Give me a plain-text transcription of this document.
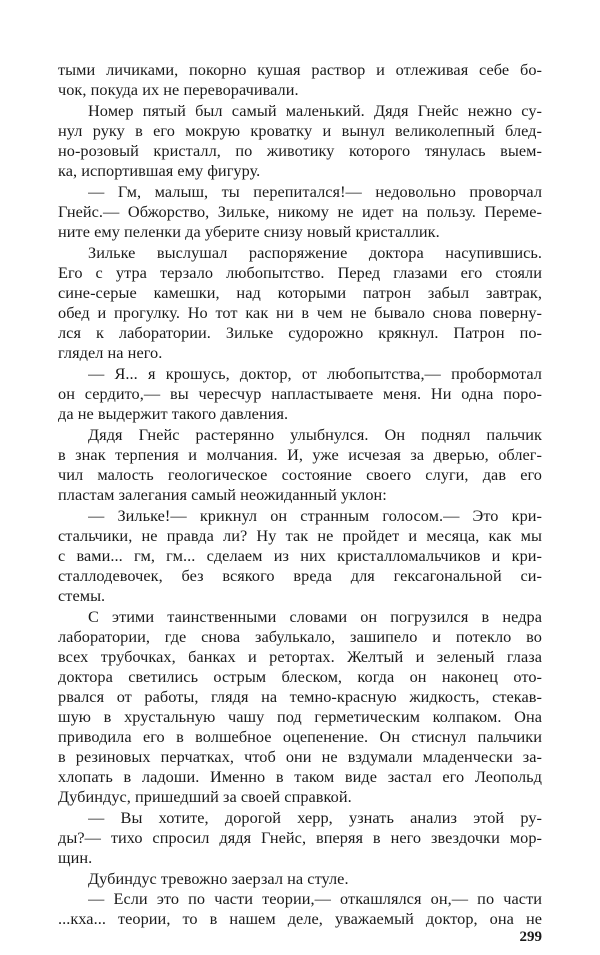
тыми личиками, покорно кушая раствор и отлеживая себе бо-
чок, покуда их не переворачивали.
Номер пятый был самый маленький. Дядя Гнейс нежно су-
нул руку в его мокрую кроватку и вынул великолепный блед-
но-розовый кристалл, по животику которого тянулась выем-
ка, испортившая ему фигуру.
— Гм, малыш, ты перепитался!— недовольно проворчал
Гнейс.— Обжорство, Зильке, никому не идет на пользу. Переме-
ните ему пеленки да уберите снизу новый кристаллик.
Зильке выслушал распоряжение доктора насупившись.
Его с утра терзало любопытство. Перед глазами его стояли
сине-серые камешки, над которыми патрон забыл завтрак,
обед и прогулку. Но тот как ни в чем не бывало снова поверну-
лся к лаборатории. Зильке судорожно крякнул. Патрон по-
глядел на него.
— Я... я крошусь, доктор, от любопытства,— пробормотал
он сердито,— вы чересчур напластываете меня. Ни одна поро-
да не выдержит такого давления.
Дядя Гнейс растерянно улыбнулся. Он поднял пальчик
в знак терпения и молчания. И, уже исчезая за дверью, облег-
чил малость геологическое состояние своего слуги, дав его
пластам залегания самый неожиданный уклон:
— Зильке!— крикнул он странным голосом.— Это кри-
стальчики, не правда ли? Ну так не пройдет и месяца, как мы
с вами... гм, гм... сделаем из них кристалломальчиков и кри-
сталлодевочек, без всякого вреда для гексагональной си-
стемы.
С этими таинственными словами он погрузился в недра
лаборатории, где снова забулькало, зашипело и потекло во
всех трубочках, банках и ретортах. Желтый и зеленый глаза
доктора светились острым блеском, когда он наконец ото-
рвался от работы, глядя на темно-красную жидкость, стекав-
шую в хрустальную чашу под герметическим колпаком. Она
приводила его в волшебное оцепенение. Он стиснул пальчики
в резиновых перчатках, чтоб они не вздумали младенчески за-
хлопать в ладоши. Именно в таком виде застал его Леопольд
Дубиндус, пришедший за своей справкой.
— Вы хотите, дорогой херр, узнать анализ этой ру-
ды?— тихо спросил дядя Гнейс, вперяя в него звездочки мор-
щин.
Дубиндус тревожно заерзал на стуле.
— Если это по части теории,— откашлялся он,— по части
...кха... теории, то в нашем деле, уважаемый доктор, она не
299
